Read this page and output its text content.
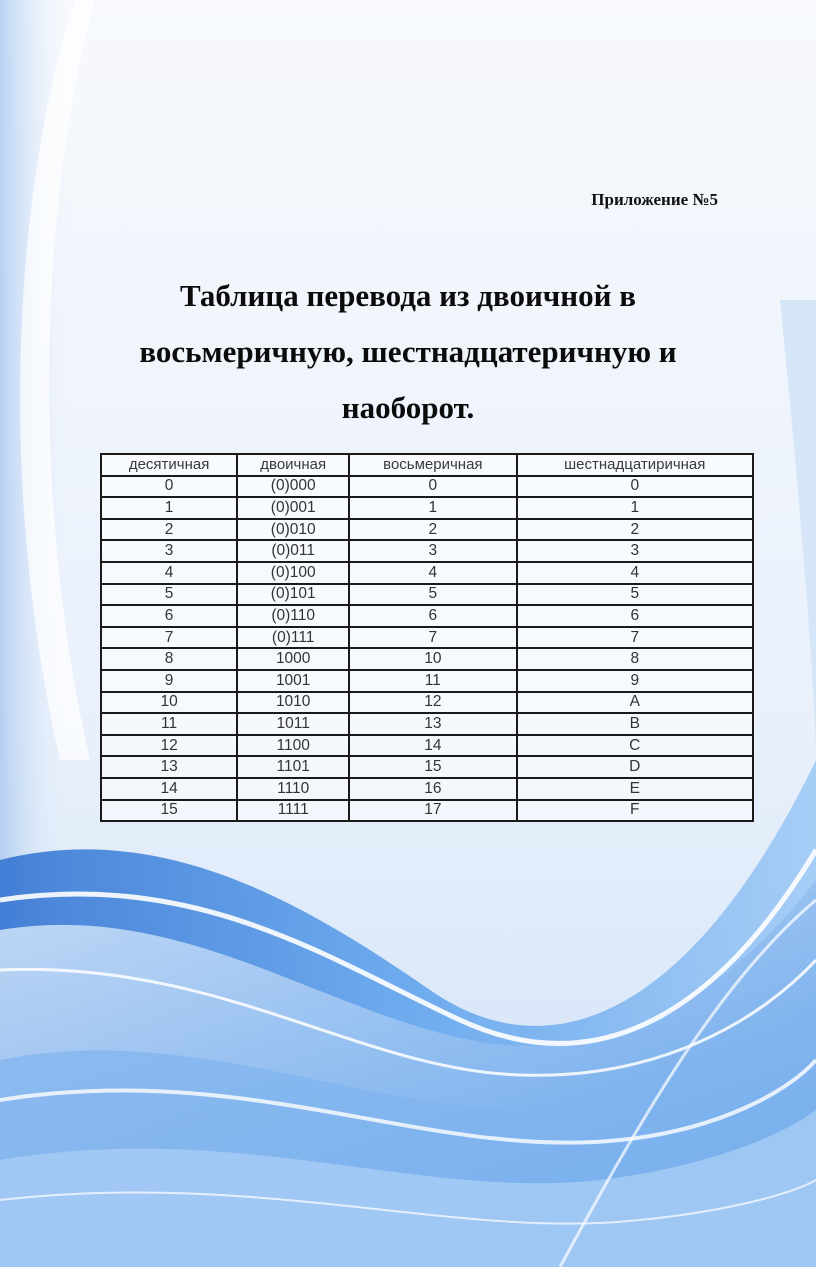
Приложение №5
Таблица перевода из двоичной в
восьмеричную, шестнадцатеричную и
наоборот.
десятичная	двоичная	восьмеричная	шестнадцатиричная
0	(0)000	0	0
1	(0)001	1	1
2	(0)010	2	2
3	(0)011	3	3
4	(0)100	4	4
5	(0)101	5	5
6	(0)110	6	6
7	(0)111	7	7
8	1000	10	8
9	1001	11	9
10	1010	12	A
11	1011	13	B
12	1100	14	C
13	1101	15	D
14	1110	16	E
15	1111	17	F
